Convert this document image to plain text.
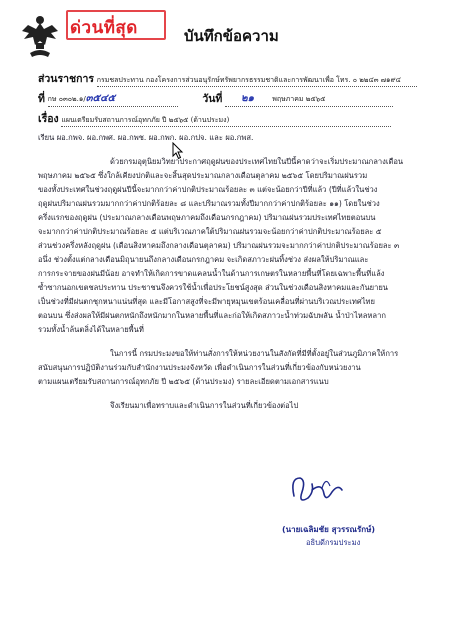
ด่วนที่สุด	บันทึกข้อความ
ส่วนราชการ กรมชลประทาน กองโครงการส่วนอนุรักษ์ทรัพยากรธรรมชาติและการพัฒนาเพื่อ โทร. ๐ ๒๒๔๓ ๗๑๙๔
ที่ กษ ๐๓๐๒.๑/๓๕๔๕	วันที่ ๒๑	พฤษภาคม ๒๕๖๕
เรื่อง แผนเตรียมรับสถานการณ์อุทกภัย ปี ๒๕๖๕ (ด้านประมง)
เรียน ผอ.กพจ. ผอ.กพศ. ผอ.กพช. ผอ.กพก. ผอ.กปจ. และ ผอ.กพส.
ด้วยกรมอุตุนิยมวิทยาประกาศฤดูฝนของประเทศไทยในปีนี้คาดว่าจะเริ่มประมาณกลางเดือน
พฤษภาคม ๒๕๖๕ ซึ่งใกล้เคียงปกติและจะสิ้นสุดประมาณกลางเดือนตุลาคม ๒๕๖๕ โดยปริมาณฝนรวม
ของทั้งประเทศในช่วงฤดูฝนปีนี้จะมากกว่าค่าปกติประมาณร้อยละ ๓ แต่จะน้อยกว่าปีที่แล้ว (ปีที่แล้วในช่วง
ฤดูฝนปริมาณฝนรวมมากกว่าค่าปกติร้อยละ ๘ และปริมาณรวมทั้งปีมากกว่าค่าปกติร้อยละ ๑๑) โดยในช่วง
ครึ่งแรกของฤดูฝน (ประมาณกลางเดือนพฤษภาคมถึงเดือนกรกฎาคม) ปริมาณฝนรวมประเทศไทยตอนบน
จะมากกว่าค่าปกติประมาณร้อยละ ๕ แต่บริเวณภาคใต้ปริมาณฝนรวมจะน้อยกว่าค่าปกติประมาณร้อยละ ๕
ส่วนช่วงครึ่งหลังฤดูฝน (เดือนสิงหาคมถึงกลางเดือนตุลาคม) ปริมาณฝนรวมจะมากกว่าค่าปกติประมาณร้อยละ ๓
อนึ่ง ช่วงตั้งแต่กลางเดือนมิถุนายนถึงกลางเดือนกรกฎาคม จะเกิดสภาวะฝนทิ้งช่วง ส่งผลให้ปริมาณและ
การกระจายของฝนมีน้อย อาจทำให้เกิดการขาดแคลนน้ำในด้านการเกษตรในหลายพื้นที่โดยเฉพาะพื้นที่แล้ง
ซ้ำซากนอกเขตชลประทาน ประชาชนจึงควรใช้น้ำเพื่อประโยชน์สูงสุด ส่วนในช่วงเดือนสิงหาคมและกันยายน
เป็นช่วงที่มีฝนตกชุกหนาแน่นที่สุด และมีโอกาสสูงที่จะมีพายุหมุนเขตร้อนเคลื่อนที่ผ่านบริเวณประเทศไทย
ตอนบน ซึ่งส่งผลให้มีฝนตกหนักถึงหนักมากในหลายพื้นที่และก่อให้เกิดสภาวะน้ำท่วมฉับพลัน น้ำป่าไหลหลาก
รวมทั้งน้ำล้นตลิ่งได้ในหลายพื้นที่
ในการนี้ กรมประมงขอให้ท่านสั่งการให้หน่วยงานในสังกัดที่มีที่ตั้งอยู่ในส่วนภูมิภาคให้การ
สนับสนุนการปฏิบัติงานร่วมกับสำนักงานประมงจังหวัด เพื่อดำเนินการในส่วนที่เกี่ยวข้องกับหน่วยงาน
ตามแผนเตรียมรับสถานการณ์อุทกภัย ปี ๒๕๖๕ (ด้านประมง) รายละเอียดตามเอกสารแนบ
จึงเรียนมาเพื่อทราบและดำเนินการในส่วนที่เกี่ยวข้องต่อไป
(นายเฉลิมชัย สุวรรณรักษ์)
อธิบดีกรมประมง
